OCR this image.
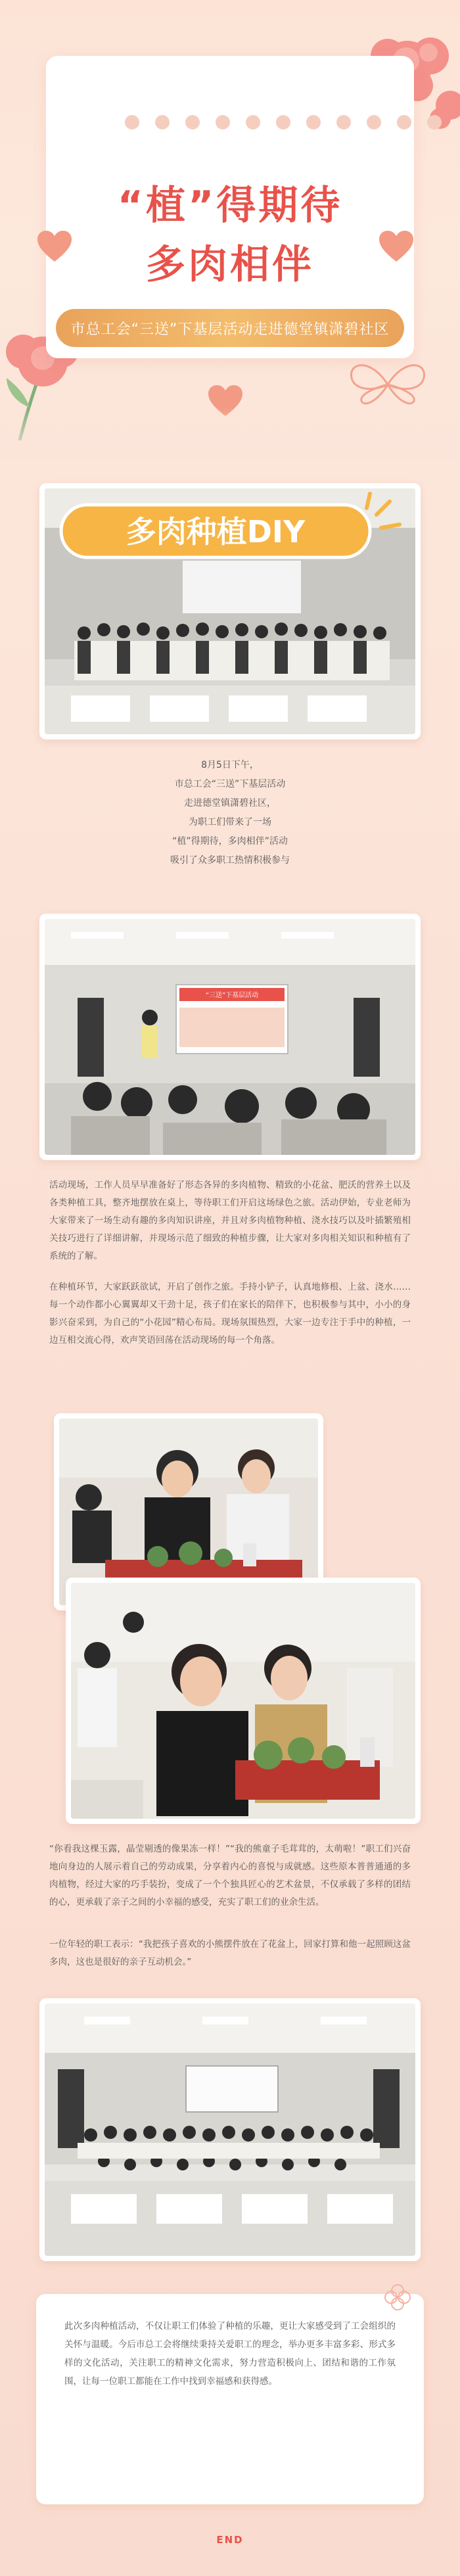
“植”得期待
多肉相伴
市总工会“三送”下基层活动走进德堂镇潇碧社区
多肉种植DIY
8月5日下午，
市总工会“三送”下基层活动
走进德堂镇潇碧社区，
为职工们带来了一场
“植”得期待，多肉相伴”活动
吸引了众多职工热情积极参与
“三送”下基层活动
活动现场，工作人员早早准备好了形态各异的多肉植物、精致的小花盆、肥沃的营养土以及各类种植工具，整齐地摆放在桌上，等待职工们开启这场绿色之旅。活动伊始，专业老师为大家带来了一场生动有趣的多肉知识讲座，并且对多肉植物种植、浇水技巧以及叶插繁殖相关技巧进行了详细讲解，并现场示范了细致的种植步骤，让大家对多肉相关知识和种植有了系统的了解。
在种植环节，大家跃跃欲试，开启了创作之旅。手持小铲子，认真地修根、上盆、浇水……每一个动作都小心翼翼却又干劲十足，孩子们在家长的陪伴下，也积极参与其中，小小的身影兴奋采到，为自己的“小花园”精心布局。现场氛围热烈，大家一边专注于手中的种植，一边互相交流心得，欢声笑语回荡在活动现场的每一个角落。
“你看我这棵玉露，晶莹剔透的像果冻一样！”“我的熊童子毛茸茸的，太萌啦！”职工们兴奋地向身边的人展示着自己的劳动成果，分享着内心的喜悦与成就感。这些原本普普通通的多肉植物，经过大家的巧手装扮，变成了一个个独具匠心的艺术盆景，不仅承载了多样的团结的心，更承载了亲子之间的小幸福的感受，充实了职工们的业余生活。
一位年轻的职工表示：“我把孩子喜欢的小熊摆件放在了花盆上，回家打算和他一起照顾这盆多肉，这也是很好的亲子互动机会。”
此次多肉种植活动，不仅让职工们体验了种植的乐趣，更让大家感受到了工会组织的关怀与温暖。今后市总工会将继续秉持关爱职工的理念，举办更多丰富多彩、形式多样的文化活动，关注职工的精神文化需求，努力营造积极向上、团结和谐的工作氛围，让每一位职工都能在工作中找到幸福感和获得感。
END
